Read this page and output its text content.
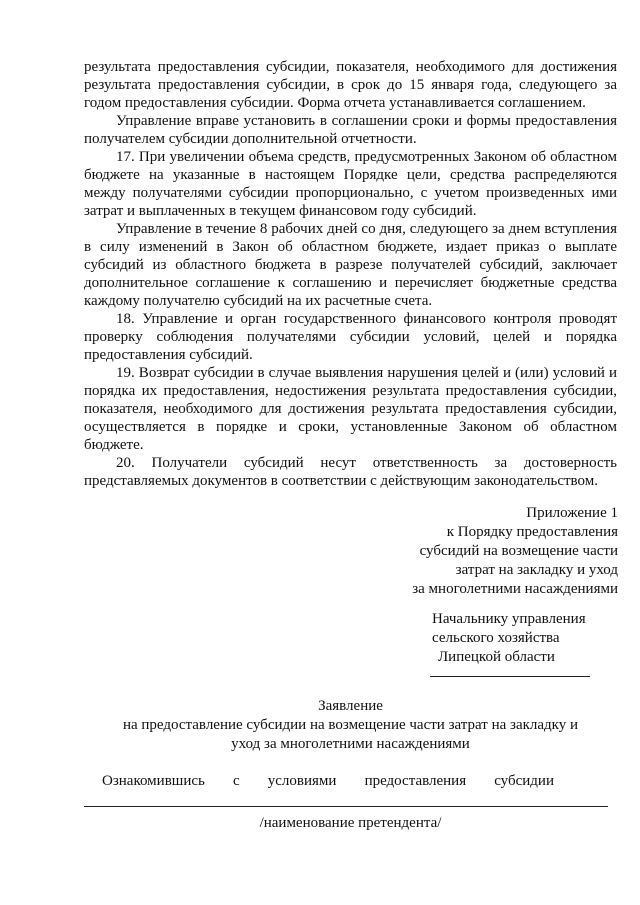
результата предоставления субсидии, показателя, необходимого для достижения результата предоставления субсидии, в срок до 15 января года, следующего за годом предоставления субсидии. Форма отчета устанавливается соглашением.

Управление вправе установить в соглашении сроки и формы предоставления получателем субсидии дополнительной отчетности.

17. При увеличении объема средств, предусмотренных Законом об областном бюджете на указанные в настоящем Порядке цели, средства распределяются между получателями субсидии пропорционально, с учетом произведенных ими затрат и выплаченных в текущем финансовом году субсидий.

Управление в течение 8 рабочих дней со дня, следующего за днем вступления в силу изменений в Закон об областном бюджете, издает приказ о выплате субсидий из областного бюджета в разрезе получателей субсидий, заключает дополнительное соглашение к соглашению и перечисляет бюджетные средства каждому получателю субсидий на их расчетные счета.

18. Управление и орган государственного финансового контроля проводят проверку соблюдения получателями субсидии условий, целей и порядка предоставления субсидий.

19. Возврат субсидии в случае выявления нарушения целей и (или) условий и порядка их предоставления, недостижения результата предоставления субсидии, показателя, необходимого для достижения результата предоставления субсидии, осуществляется в порядке и сроки, установленные Законом об областном бюджете.

20. Получатели субсидий несут ответственность за достоверность представляемых документов в соответствии с действующим законодательством.

Приложение 1
к Порядку предоставления
субсидий на возмещение части
затрат на закладку и уход
за многолетними насаждениями
Начальнику управления
сельского хозяйства
Липецкой области
Заявление
на предоставление субсидии на возмещение части затрат на закладку и
уход за многолетними насаждениями
Ознакомившись с условиями предоставления субсидии
/наименование претендента/
